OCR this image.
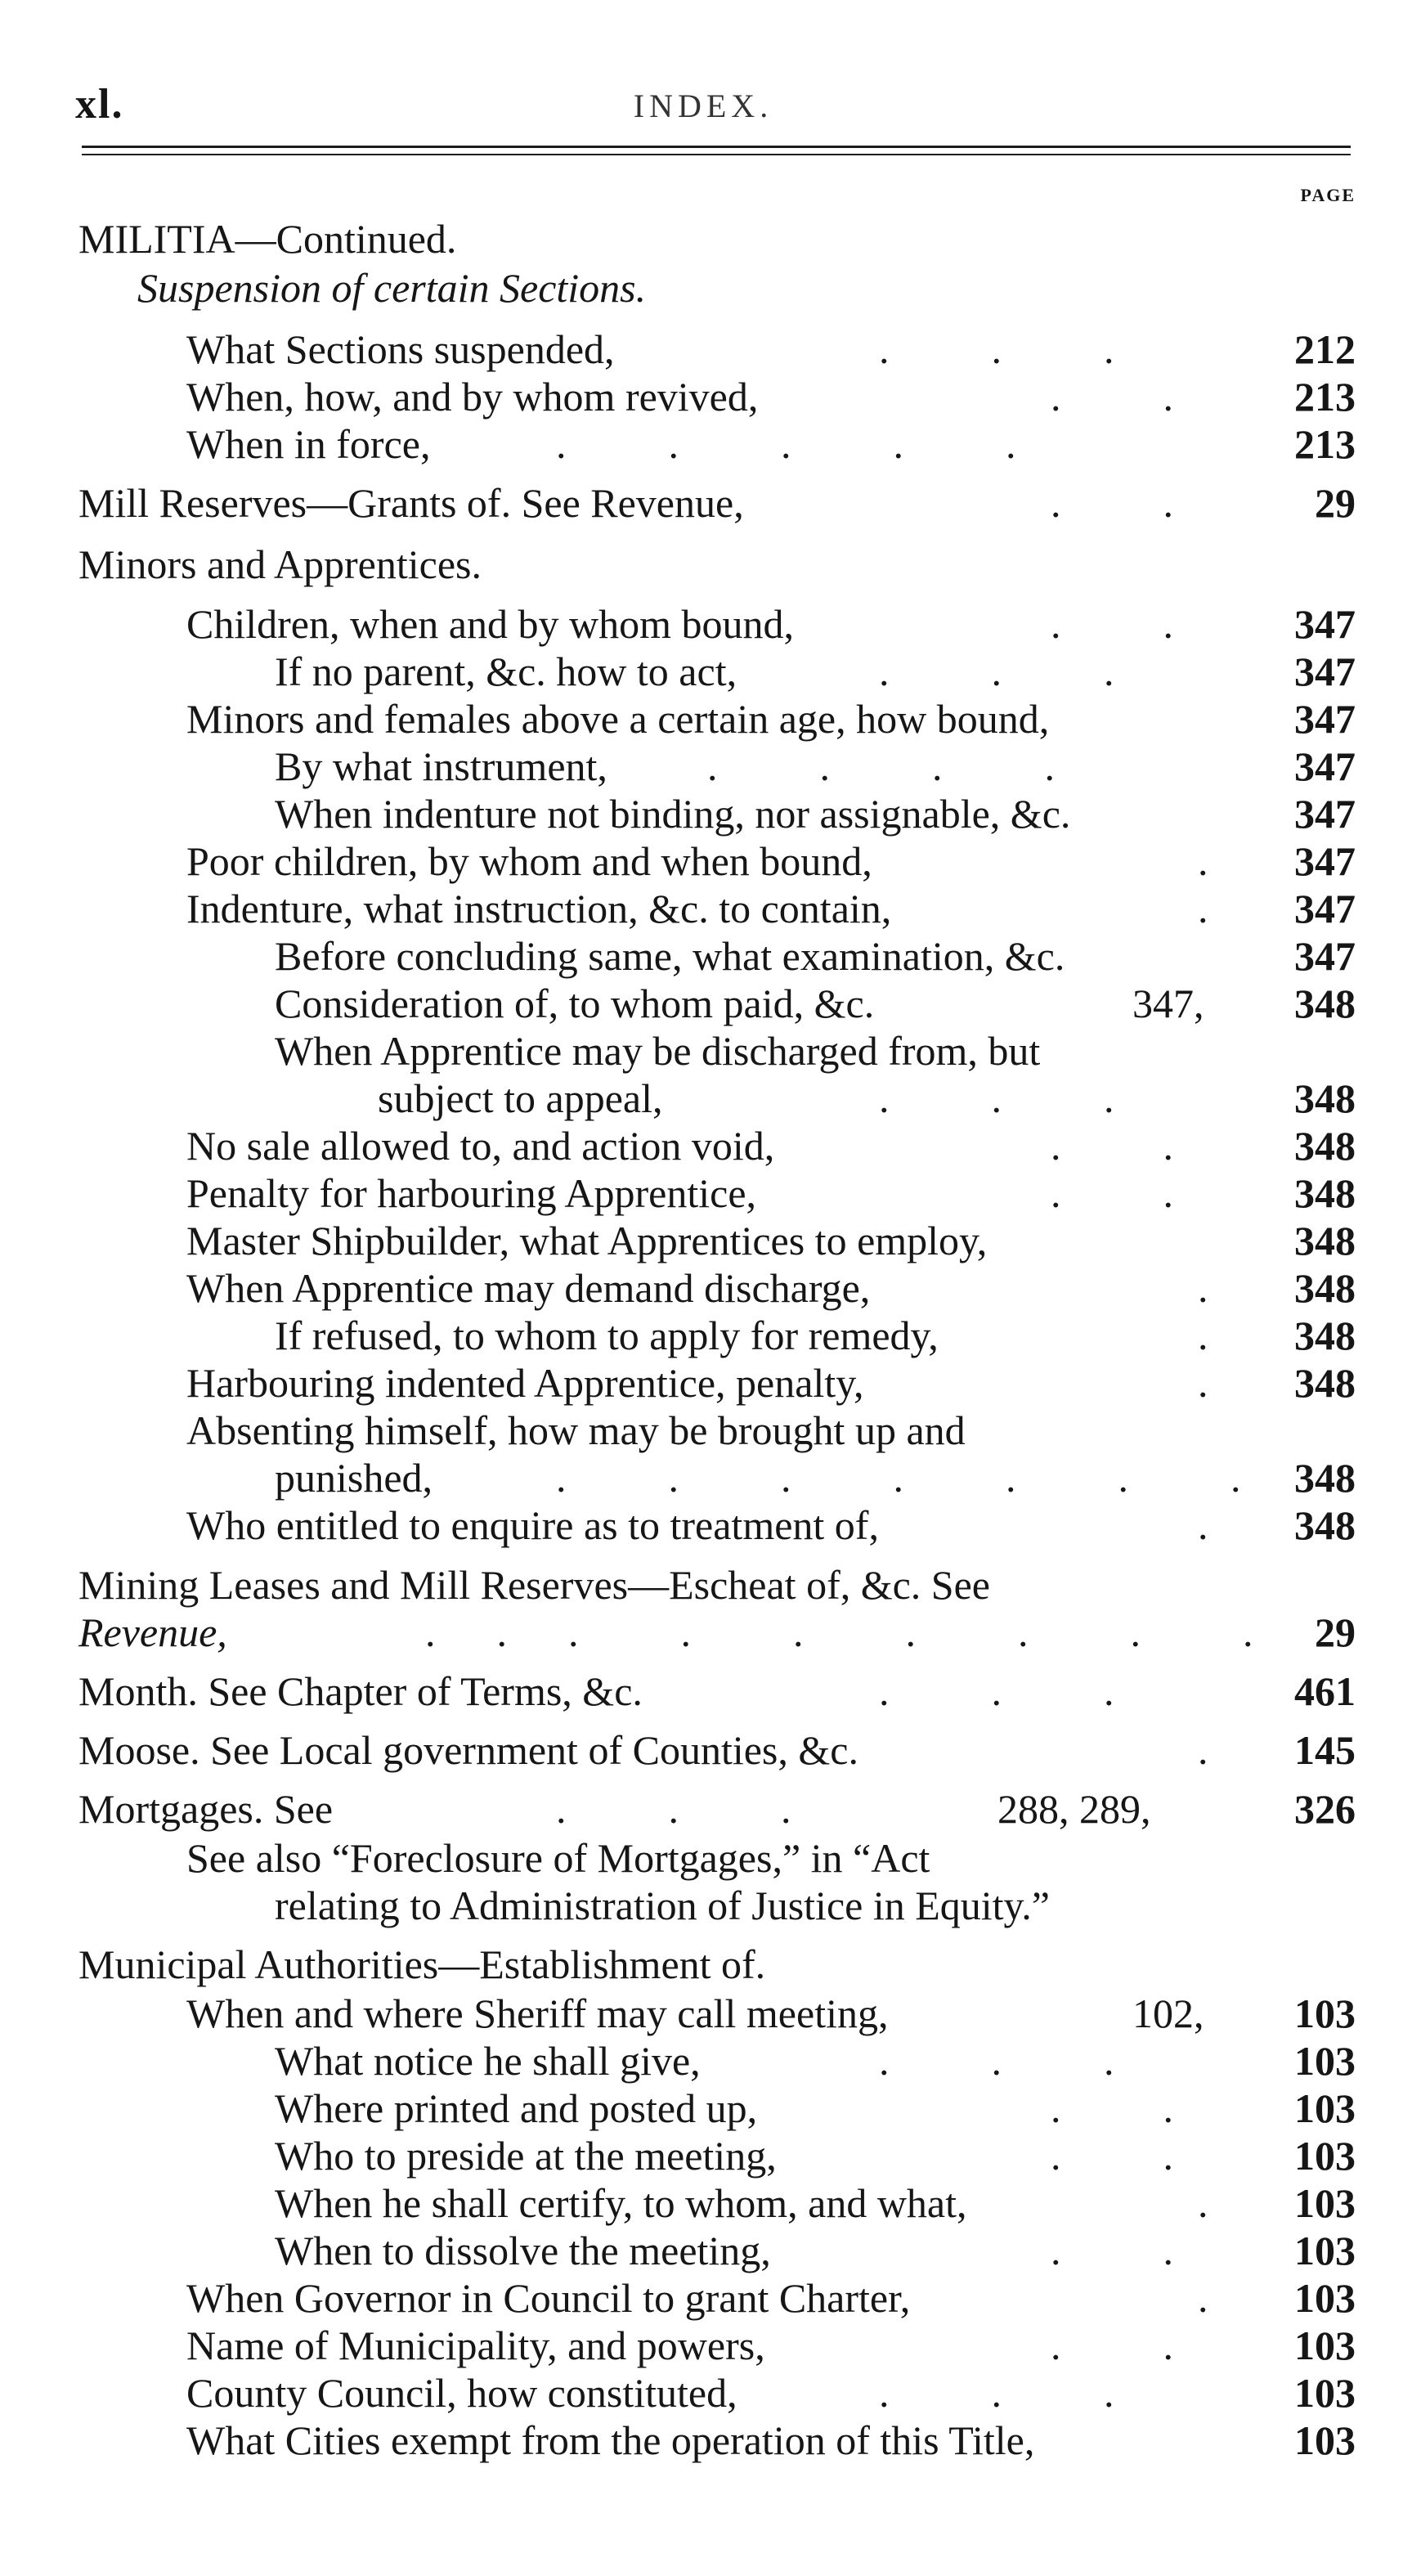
xl.	INDEX.
PAGE
MILITIA—Continued.
Suspension of certain Sections.
What Sections suspended,	.          .          .	212
When, how, and by whom revived,	.          .	213
When in force,	.          .          .          .          .	213
Mill Reserves—Grants of. See Revenue,	.          .	29
Minors and Apprentices.
Children, when and by whom bound,	.          .	347
If no parent, &c. how to act,	.          .          .	347
Minors and females above a certain age, how bound,	347
By what instrument, .          .          .          .	347
When indenture not binding, nor assignable, &c.	347
Poor children, by whom and when bound,	.	347
Indenture, what instruction, &c. to contain,	.	347
Before concluding same, what examination, &c.	347
Consideration of, to whom paid, &c.	347,	348
When Apprentice may be discharged from, but
subject to appeal,	.          .          .	348
No sale allowed to, and action void,	.          .	348
Penalty for harbouring Apprentice,	.          .	348
Master Shipbuilder, what Apprentices to employ,	348
When Apprentice may demand discharge,	.	348
If refused, to whom to apply for remedy,	.	348
Harbouring indented Apprentice, penalty,	.	348
Absenting himself, how may be brought up and
punished,	.          .          .          .          .          .          .	348
Who entitled to enquire as to treatment of,	.	348
Mining Leases and Mill Reserves—Escheat of, &c. See
Revenue,	.      .      .          .          .          .          .          .          .	29
Month. See Chapter of Terms, &c.	.          .          .	461
Moose. See Local government of Counties, &c.	.	145
Mortgages. See	.          .          .	288, 289,	326
See also “Foreclosure of Mortgages,” in “Act
relating to Administration of Justice in Equity.”
Municipal Authorities—Establishment of.
When and where Sheriff may call meeting,	102,	103
What notice he shall give,	.          .          .	103
Where printed and posted up,	.          .	103
Who to preside at the meeting,	.          .	103
When he shall certify, to whom, and what,	.	103
When to dissolve the meeting,	.          .	103
When Governor in Council to grant Charter,	.	103
Name of Municipality, and powers,	.          .	103
County Council, how constituted,	.          .          .	103
What Cities exempt from the operation of this Title,	103
